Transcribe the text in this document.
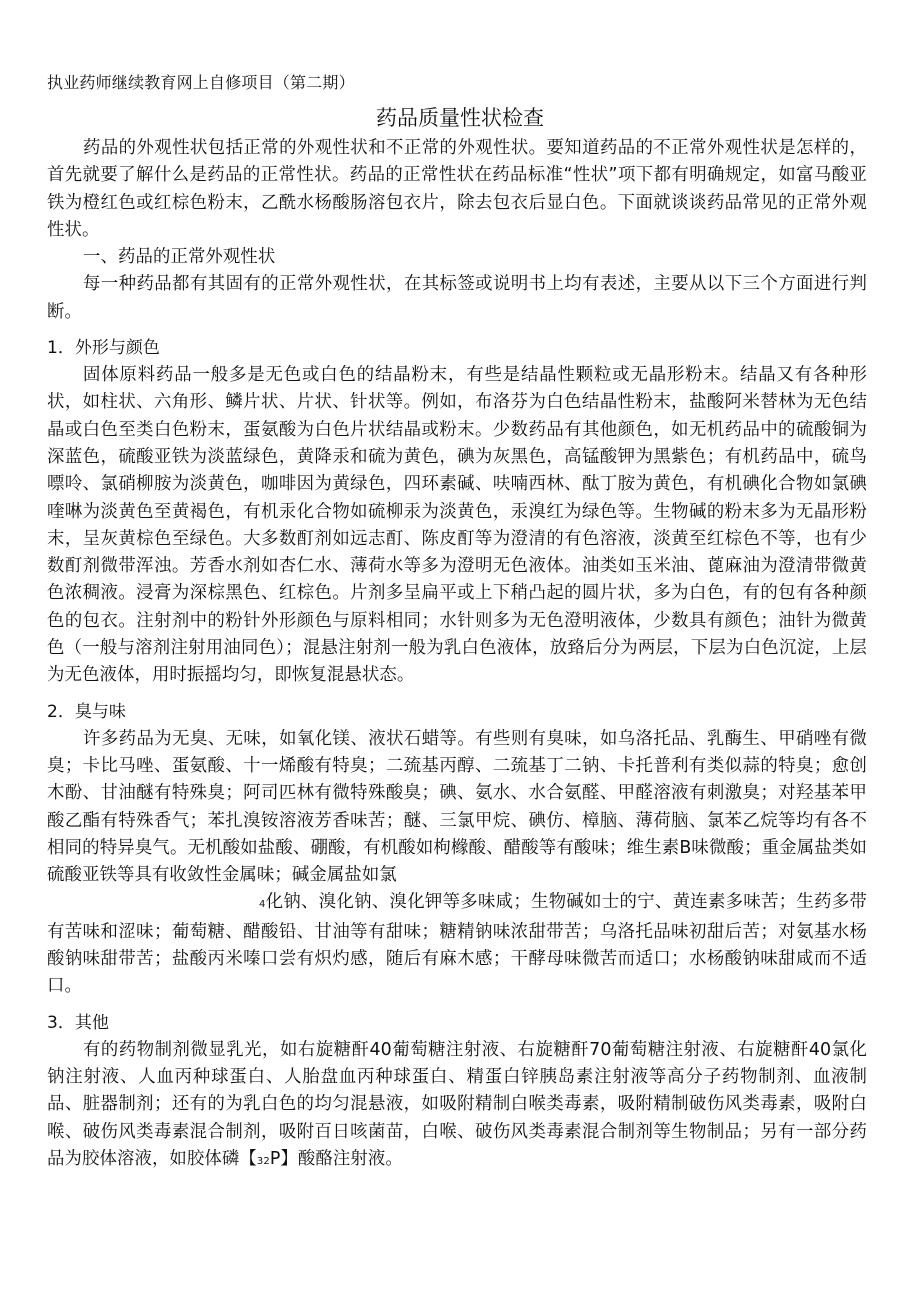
执业药师继续教育网上自修项目（第二期）
药品质量性状检查

药品的外观性状包括正常的外观性状和不正常的外观性状。要知道药品的不正常外观性状是怎样的，首先就要了解什么是药品的正常性状。药品的正常性状在药品标准“性状”项下都有明确规定，如富马酸亚铁为橙红色或红棕色粉末，乙酰水杨酸肠溶包衣片，除去包衣后显白色。下面就谈谈药品常见的正常外观性状。

一、药品的正常外观性状

每一种药品都有其固有的正常外观性状，在其标签或说明书上均有表述，主要从以下三个方面进行判断。

1．外形与颜色

固体原料药品一般多是无色或白色的结晶粉末，有些是结晶性颗粒或无晶形粉末。结晶又有各种形状，如柱状、六角形、鳞片状、片状、针状等。例如，布洛芬为白色结晶性粉末，盐酸阿米替林为无色结晶或白色至类白色粉末，蛋氨酸为白色片状结晶或粉末。少数药品有其他颜色，如无机药品中的硫酸铜为深蓝色，硫酸亚铁为淡蓝绿色，黄降汞和硫为黄色，碘为灰黑色，高锰酸钾为黑紫色；有机药品中，硫鸟嘌呤、氯硝柳胺为淡黄色，咖啡因为黄绿色，四环素碱、呋喃西林、酞丁胺为黄色，有机碘化合物如氯碘喹啉为淡黄色至黄褐色，有机汞化合物如硫柳汞为淡黄色，汞溴红为绿色等。生物碱的粉末多为无晶形粉末，呈灰黄棕色至绿色。大多数酊剂如远志酊、陈皮酊等为澄清的有色溶液，淡黄至红棕色不等，也有少数酊剂微带浑浊。芳香水剂如杏仁水、薄荷水等多为澄明无色液体。油类如玉米油、蓖麻油为澄清带微黄色浓稠液。浸膏为深棕黑色、红棕色。片剂多呈扁平或上下稍凸起的圆片状，多为白色，有的包有各种颜色的包衣。注射剂中的粉针外形颜色与原料相同；水针则多为无色澄明液体，少数具有颜色；油针为微黄色（一般与溶剂注射用油同色）；混悬注射剂一般为乳白色液体，放臵后分为两层，下层为白色沉淀，上层为无色液体，用时振摇均匀，即恢复混悬状态。

2．臭与味

许多药品为无臭、无味，如氧化镁、液状石蜡等。有些则有臭味，如乌洛托品、乳酶生、甲硝唑有微臭；卡比马唑、蛋氨酸、十一烯酸有特臭；二巯基丙醇、二巯基丁二钠、卡托普利有类似蒜的特臭；愈创木酚、甘油醚有特殊臭；阿司匹林有微特殊酸臭；碘、氨水、水合氨醛、甲醛溶液有刺激臭；对羟基苯甲酸乙酯有特殊香气；苯扎溴铵溶液芳香味苦；醚、三氯甲烷、碘仿、樟脑、薄荷脑、氯苯乙烷等均有各不相同的特异臭气。无机酸如盐酸、硼酸，有机酸如枸橼酸、醋酸等有酸味；维生素B味微酸；重金属盐类如硫酸亚铁等具有收敛性金属味；碱金属盐如氯

4化钠、溴化钠、溴化钾等多味咸；生物碱如士的宁、黄连素多味苦；生药多带有苦味和涩味；葡萄糖、醋酸铅、甘油等有甜味；糖精钠味浓甜带苦；乌洛托品味初甜后苦；对氨基水杨酸钠味甜带苦；盐酸丙米嗪口尝有炽灼感，随后有麻木感；干酵母味微苦而适口；水杨酸钠味甜咸而不适口。

3．其他

有的药物制剂微显乳光，如右旋糖酐40葡萄糖注射液、右旋糖酐70葡萄糖注射液、右旋糖酐40氯化钠注射液、人血丙种球蛋白、人胎盘血丙种球蛋白、精蛋白锌胰岛素注射液等高分子药物制剂、血液制品、脏器制剂；还有的为乳白色的均匀混悬液，如吸附精制白喉类毒素，吸附精制破伤风类毒素，吸附白喉、破伤风类毒素混合制剂，吸附百日咳菌苗，白喉、破伤风类毒素混合制剂等生物制品；另有一部分药品为胶体溶液，如胶体磷【32P】酸酪注射液。
